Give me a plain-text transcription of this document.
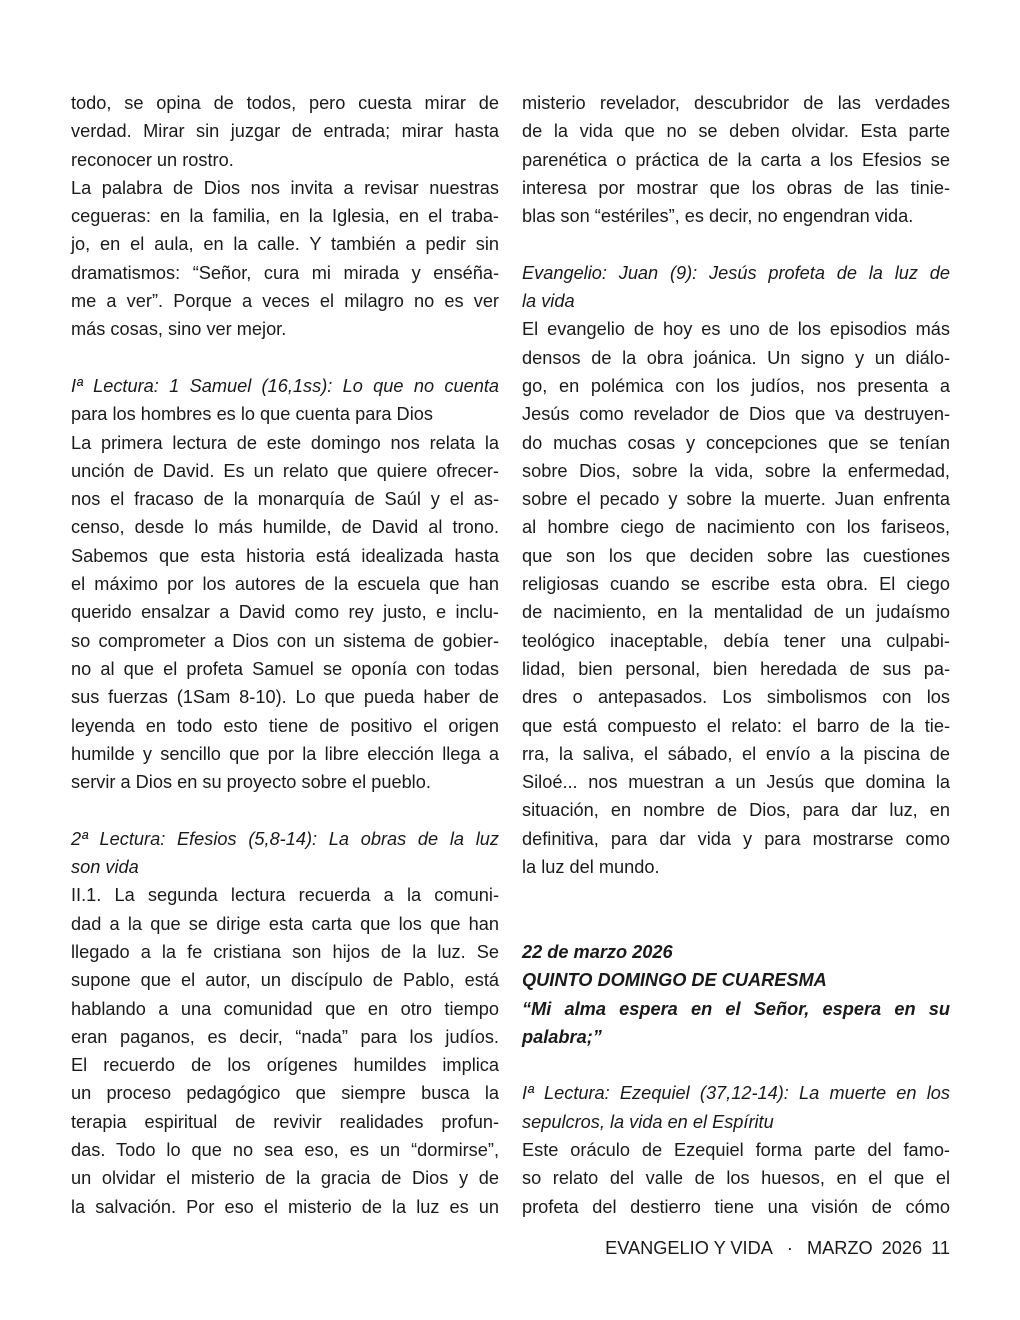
todo, se opina de todos, pero cuesta mirar de
verdad. Mirar sin juzgar de entrada; mirar hasta
reconocer un rostro.
La palabra de Dios nos invita a revisar nuestras
cegueras: en la familia, en la Iglesia, en el traba-
jo, en el aula, en la calle. Y también a pedir sin
dramatismos: “Señor, cura mi mirada y enséña-
me a ver”. Porque a veces el milagro no es ver
más cosas, sino ver mejor.
Iª Lectura: 1 Samuel (16,1ss): Lo que no cuenta
para los hombres es lo que cuenta para Dios
La primera lectura de este domingo nos relata la
unción de David. Es un relato que quiere ofrecer-
nos el fracaso de la monarquía de Saúl y el as-
censo, desde lo más humilde, de David al trono.
Sabemos que esta historia está idealizada hasta
el máximo por los autores de la escuela que han
querido ensalzar a David como rey justo, e inclu-
so comprometer a Dios con un sistema de gobier-
no al que el profeta Samuel se oponía con todas
sus fuerzas (1Sam 8-10). Lo que pueda haber de
leyenda en todo esto tiene de positivo el origen
humilde y sencillo que por la libre elección llega a
servir a Dios en su proyecto sobre el pueblo.
2ª Lectura: Efesios (5,8-14): La obras de la luz
son vida
II.1. La segunda lectura recuerda a la comuni-
dad a la que se dirige esta carta que los que han
llegado a la fe cristiana son hijos de la luz. Se
supone que el autor, un discípulo de Pablo, está
hablando a una comunidad que en otro tiempo
eran paganos, es decir, “nada” para los judíos.
El recuerdo de los orígenes humildes implica
un proceso pedagógico que siempre busca la
terapia espiritual de revivir realidades profun-
das. Todo lo que no sea eso, es un “dormirse”,
un olvidar el misterio de la gracia de Dios y de
la salvación. Por eso el misterio de la luz es un
misterio revelador, descubridor de las verdades
de la vida que no se deben olvidar. Esta parte
parenética o práctica de la carta a los Efesios se
interesa por mostrar que los obras de las tinie-
blas son “estériles”, es decir, no engendran vida.
Evangelio: Juan (9): Jesús profeta de la luz de
la vida
El evangelio de hoy es uno de los episodios más
densos de la obra joánica. Un signo y un diálo-
go, en polémica con los judíos, nos presenta a
Jesús como revelador de Dios que va destruyen-
do muchas cosas y concepciones que se tenían
sobre Dios, sobre la vida, sobre la enfermedad,
sobre el pecado y sobre la muerte. Juan enfrenta
al hombre ciego de nacimiento con los fariseos,
que son los que deciden sobre las cuestiones
religiosas cuando se escribe esta obra. El ciego
de nacimiento, en la mentalidad de un judaísmo
teológico inaceptable, debía tener una culpabi-
lidad, bien personal, bien heredada de sus pa-
dres o antepasados. Los simbolismos con los
que está compuesto el relato: el barro de la tie-
rra, la saliva, el sábado, el envío a la piscina de
Siloé... nos muestran a un Jesús que domina la
situación, en nombre de Dios, para dar luz, en
definitiva, para dar vida y para mostrarse como
la luz del mundo.
22 de marzo 2026
QUINTO DOMINGO DE CUARESMA
“Mi alma espera en el Señor, espera en su
palabra;”
Iª Lectura: Ezequiel (37,12-14): La muerte en los
sepulcros, la vida en el Espíritu
Este oráculo de Ezequiel forma parte del famo-
so relato del valle de los huesos, en el que el
profeta del destierro tiene una visión de cómo
EVANGELIO Y VIDA · MARZO 2026 11
